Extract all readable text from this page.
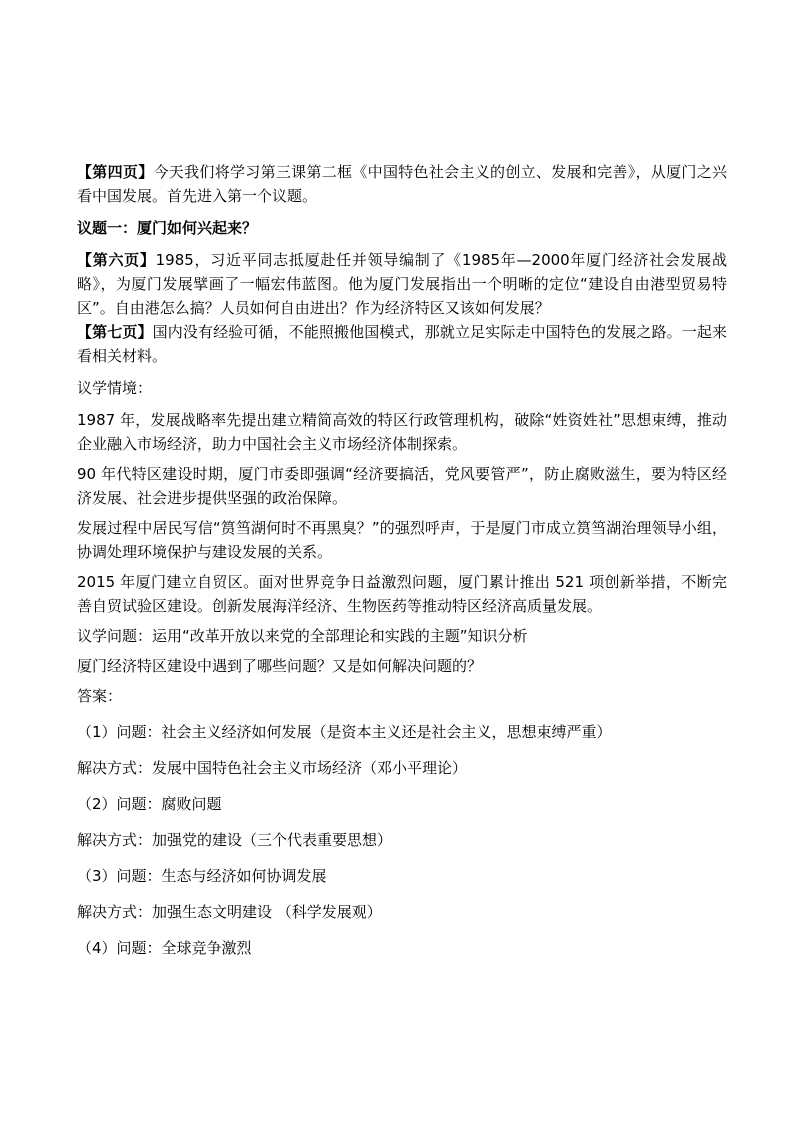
【第四页】今天我们将学习第三课第二框《中国特色社会主义的创立、发展和完善》，从厦门之兴看中国发展。首先进入第一个议题。

议题一：厦门如何兴起来？

【第六页】1985，习近平同志抵厦赴任并领导编制了《1985年—2000年厦门经济社会发展战略》，为厦门发展擘画了一幅宏伟蓝图。他为厦门发展指出一个明晰的定位“建设自由港型贸易特区”。自由港怎么搞？人员如何自由进出？作为经济特区又该如何发展？

【第七页】国内没有经验可循，不能照搬他国模式，那就立足实际走中国特色的发展之路。一起来看相关材料。

议学情境：

1987 年，发展战略率先提出建立精简高效的特区行政管理机构，破除“姓资姓社”思想束缚，推动企业融入市场经济，助力中国社会主义市场经济体制探索。

90 年代特区建设时期，厦门市委即强调“经济要搞活，党风要管严”，防止腐败滋生，要为特区经济发展、社会进步提供坚强的政治保障。

发展过程中居民写信“筼筜湖何时不再黑臭？”的强烈呼声，于是厦门市成立筼筜湖治理领导小组，协调处理环境保护与建设发展的关系。

2015 年厦门建立自贸区。面对世界竞争日益激烈问题，厦门累计推出 521 项创新举措，不断完善自贸试验区建设。创新发展海洋经济、生物医药等推动特区经济高质量发展。

议学问题：运用“改革开放以来党的全部理论和实践的主题”知识分析

厦门经济特区建设中遇到了哪些问题？又是如何解决问题的？

答案：

（1）问题：社会主义经济如何发展（是资本主义还是社会主义，思想束缚严重）

解决方式：发展中国特色社会主义市场经济（邓小平理论）

（2）问题：腐败问题

解决方式：加强党的建设（三个代表重要思想）

（3）问题：生态与经济如何协调发展

解决方式：加强生态文明建设 （科学发展观）

（4）问题：全球竞争激烈
